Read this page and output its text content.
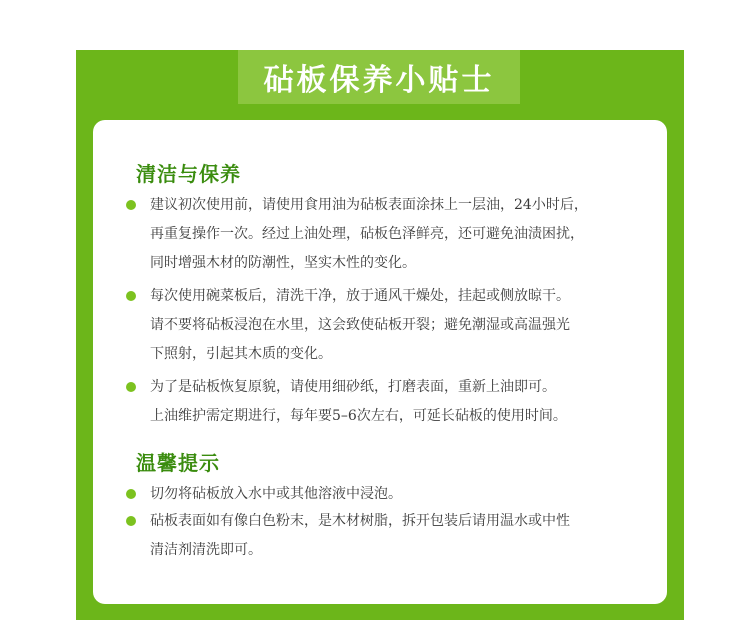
砧板保养小贴士
清洁与保养
建议初次使用前，请使用食用油为砧板表面涂抹上一层油，24小时后，
再重复操作一次。经过上油处理，砧板色泽鲜亮，还可避免油渍困扰，
同时增强木材的防潮性，坚实木性的变化。
每次使用碗菜板后，清洗干净，放于通风干燥处，挂起或侧放晾干。
请不要将砧板浸泡在水里，这会致使砧板开裂；避免潮湿或高温强光
下照射，引起其木质的变化。
为了是砧板恢复原貌，请使用细砂纸，打磨表面，重新上油即可。
上油维护需定期进行，每年要5–6次左右，可延长砧板的使用时间。
温馨提示
切勿将砧板放入水中或其他溶液中浸泡。
砧板表面如有像白色粉末，是木材树脂，拆开包装后请用温水或中性
清洁剂清洗即可。
